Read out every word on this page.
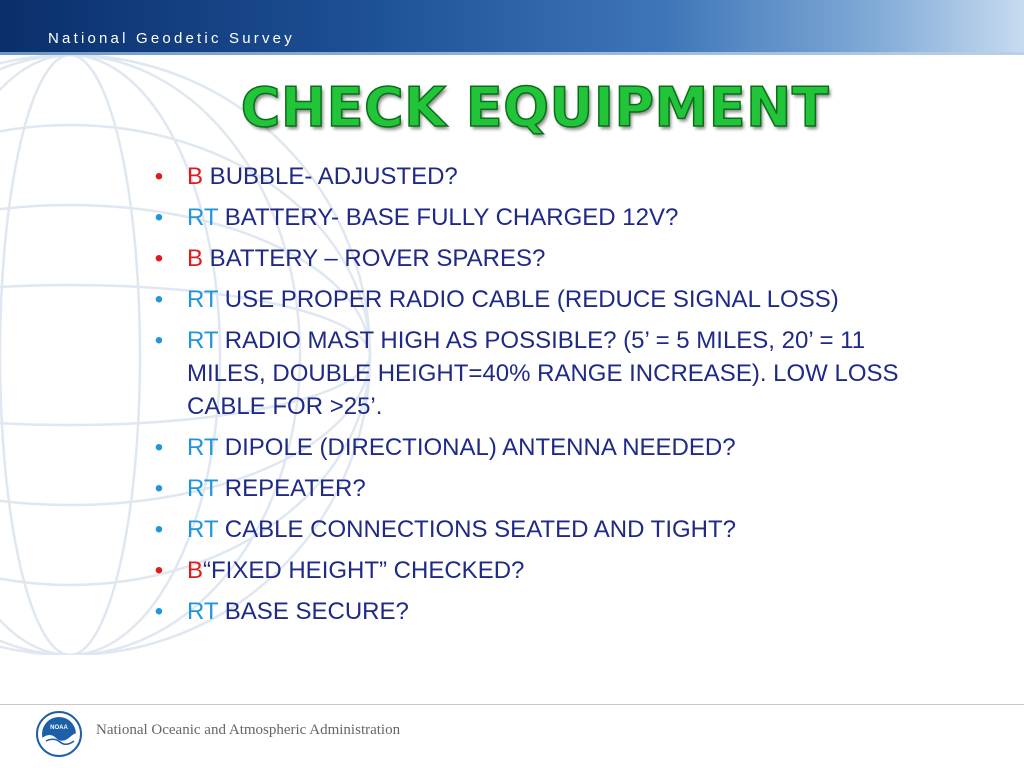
National Geodetic Survey
CHECK EQUIPMENT
• B BUBBLE- ADJUSTED?
• RT BATTERY- BASE FULLY CHARGED 12V?
• B BATTERY – ROVER SPARES?
• RT USE PROPER RADIO CABLE (REDUCE SIGNAL LOSS)
• RT RADIO MAST HIGH AS POSSIBLE? (5’ = 5 MILES, 20’ = 11 MILES, DOUBLE HEIGHT=40% RANGE INCREASE). LOW LOSS CABLE FOR >25’.
• RT DIPOLE (DIRECTIONAL) ANTENNA NEEDED?
• RT REPEATER?
• RT CABLE CONNECTIONS SEATED AND TIGHT?
• B“FIXED HEIGHT” CHECKED?
• RT BASE SECURE?
NOAA National Oceanic and Atmospheric Administration
